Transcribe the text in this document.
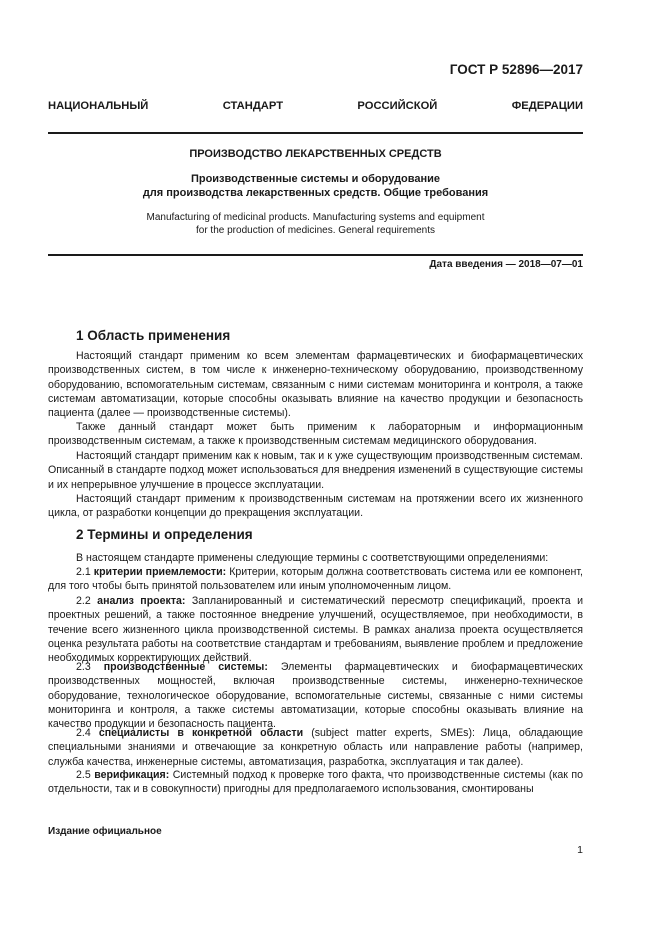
ГОСТ Р 52896—2017
НАЦИОНАЛЬНЫЙ СТАНДАРТ РОССИЙСКОЙ ФЕДЕРАЦИИ
ПРОИЗВОДСТВО ЛЕКАРСТВЕННЫХ СРЕДСТВ
Производственные системы и оборудование
для производства лекарственных средств. Общие требования
Manufacturing of medicinal products. Manufacturing systems and equipment
for the production of medicines. General requirements
Дата введения — 2018—07—01
1 Область применения

Настоящий стандарт применим ко всем элементам фармацевтических и биофармацевтических производственных систем, в том числе к инженерно-техническому оборудованию, производственному оборудованию, вспомогательным системам, связанным с ними системам мониторинга и контроля, а также системам автоматизации, которые способны оказывать влияние на качество продукции и безопасность пациента (далее — производственные системы).

Также данный стандарт может быть применим к лабораторным и информационным производственным системам, а также к производственным системам медицинского оборудования.

Настоящий стандарт применим как к новым, так и к уже существующим производственным системам. Описанный в стандарте подход может использоваться для внедрения изменений в существующие системы и их непрерывное улучшение в процессе эксплуатации.

Настоящий стандарт применим к производственным системам на протяжении всего их жизненного цикла, от разработки концепции до прекращения эксплуатации.

2 Термины и определения

В настоящем стандарте применены следующие термины с соответствующими определениями:

2.1 критерии приемлемости: Критерии, которым должна соответствовать система или ее компонент, для того чтобы быть принятой пользователем или иным уполномоченным лицом.

2.2 анализ проекта: Запланированный и систематический пересмотр спецификаций, проекта и проектных решений, а также постоянное внедрение улучшений, осуществляемое, при необходимости, в течение всего жизненного цикла производственной системы. В рамках анализа проекта осуществляется оценка результата работы на соответствие стандартам и требованиям, выявление проблем и предложение необходимых корректирующих действий.

2.3 производственные системы: Элементы фармацевтических и биофармацевтических производственных мощностей, включая производственные системы, инженерно-техническое оборудование, технологическое оборудование, вспомогательные системы, связанные с ними системы мониторинга и контроля, а также системы автоматизации, которые способны оказывать влияние на качество продукции и безопасность пациента.

2.4 специалисты в конкретной области (subject matter experts, SMEs): Лица, обладающие специальными знаниями и отвечающие за конкретную область или направление работы (например, служба качества, инженерные системы, автоматизация, разработка, эксплуатация и так далее).

2.5 верификация: Системный подход к проверке того факта, что производственные системы (как по отдельности, так и в совокупности) пригодны для предполагаемого использования, смонтированы

Издание официальное
1
